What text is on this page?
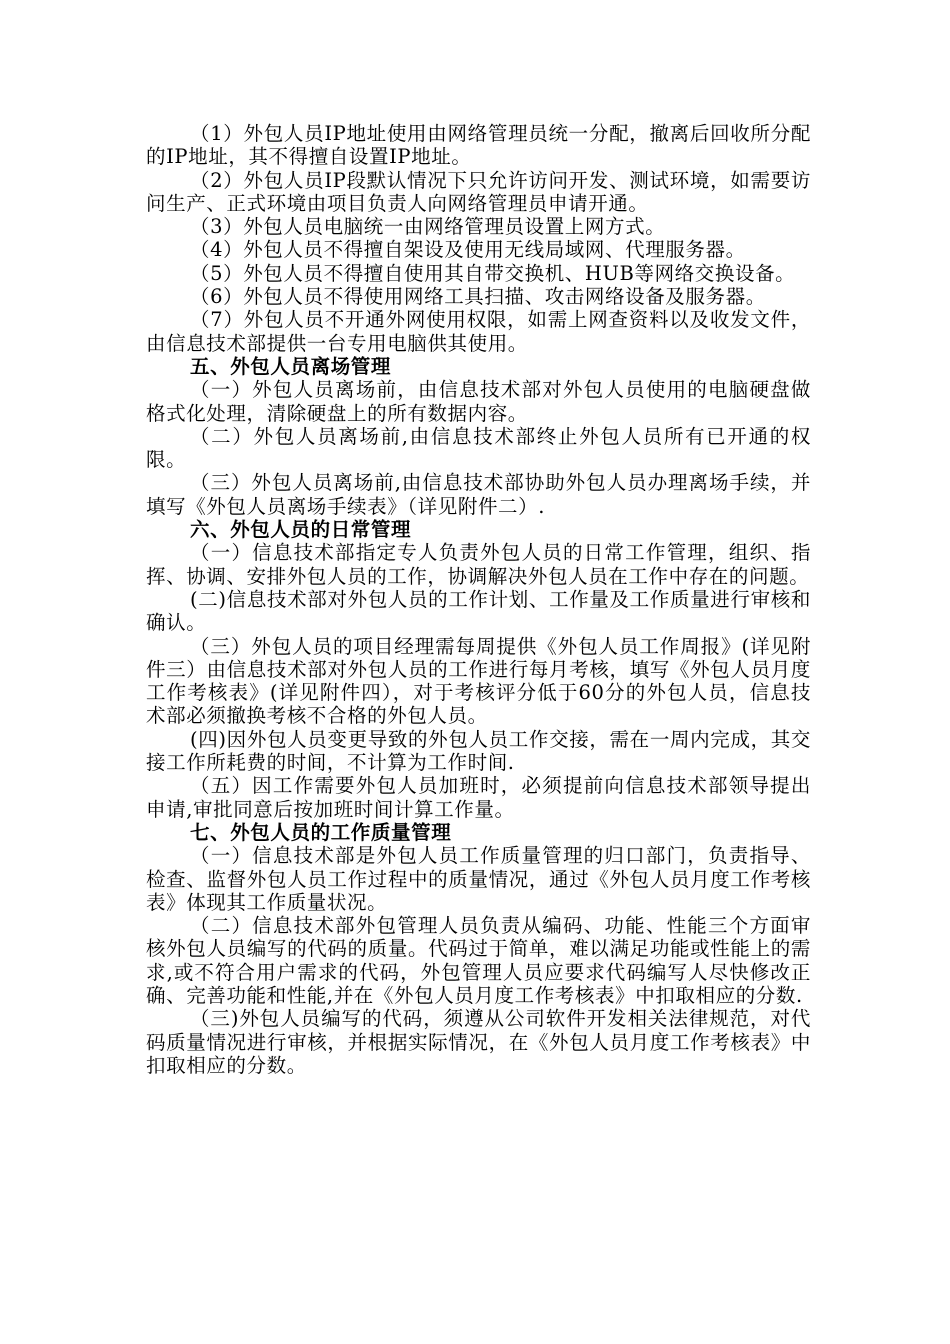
（1）外包人员IP地址使用由网络管理员统一分配，撤离后回收所分配的IP地址，其不得擅自设置IP地址。

（2）外包人员IP段默认情况下只允许访问开发、测试环境，如需要访问生产、正式环境由项目负责人向网络管理员申请开通。

（3）外包人员电脑统一由网络管理员设置上网方式。

（4）外包人员不得擅自架设及使用无线局域网、代理服务器。

（5）外包人员不得擅自使用其自带交换机、HUB等网络交换设备。

（6）外包人员不得使用网络工具扫描、攻击网络设备及服务器。

（7）外包人员不开通外网使用权限，如需上网查资料以及收发文件，由信息技术部提供一台专用电脑供其使用。

五、外包人员离场管理

（一）外包人员离场前，由信息技术部对外包人员使用的电脑硬盘做格式化处理，清除硬盘上的所有数据内容。

（二）外包人员离场前,由信息技术部终止外包人员所有已开通的权限。

（三）外包人员离场前,由信息技术部协助外包人员办理离场手续，并填写《外包人员离场手续表》（详见附件二）.

六、外包人员的日常管理

（一）信息技术部指定专人负责外包人员的日常工作管理，组织、指挥、协调、安排外包人员的工作，协调解决外包人员在工作中存在的问题。

(二)信息技术部对外包人员的工作计划、工作量及工作质量进行审核和确认。

（三）外包人员的项目经理需每周提供《外包人员工作周报》(详见附件三）由信息技术部对外包人员的工作进行每月考核，填写《外包人员月度工作考核表》(详见附件四），对于考核评分低于60分的外包人员，信息技术部必须撤换考核不合格的外包人员。

(四)因外包人员变更导致的外包人员工作交接，需在一周内完成，其交接工作所耗费的时间，不计算为工作时间.

（五）因工作需要外包人员加班时，必须提前向信息技术部领导提出申请,审批同意后按加班时间计算工作量。

七、外包人员的工作质量管理

（一）信息技术部是外包人员工作质量管理的归口部门，负责指导、检查、监督外包人员工作过程中的质量情况，通过《外包人员月度工作考核表》体现其工作质量状况。

（二）信息技术部外包管理人员负责从编码、功能、性能三个方面审核外包人员编写的代码的质量。代码过于简单，难以满足功能或性能上的需求,或不符合用户需求的代码，外包管理人员应要求代码编写人尽快修改正确、完善功能和性能,并在《外包人员月度工作考核表》中扣取相应的分数.

（三)外包人员编写的代码，须遵从公司软件开发相关法律规范，对代码质量情况进行审核，并根据实际情况，在《外包人员月度工作考核表》中扣取相应的分数。
